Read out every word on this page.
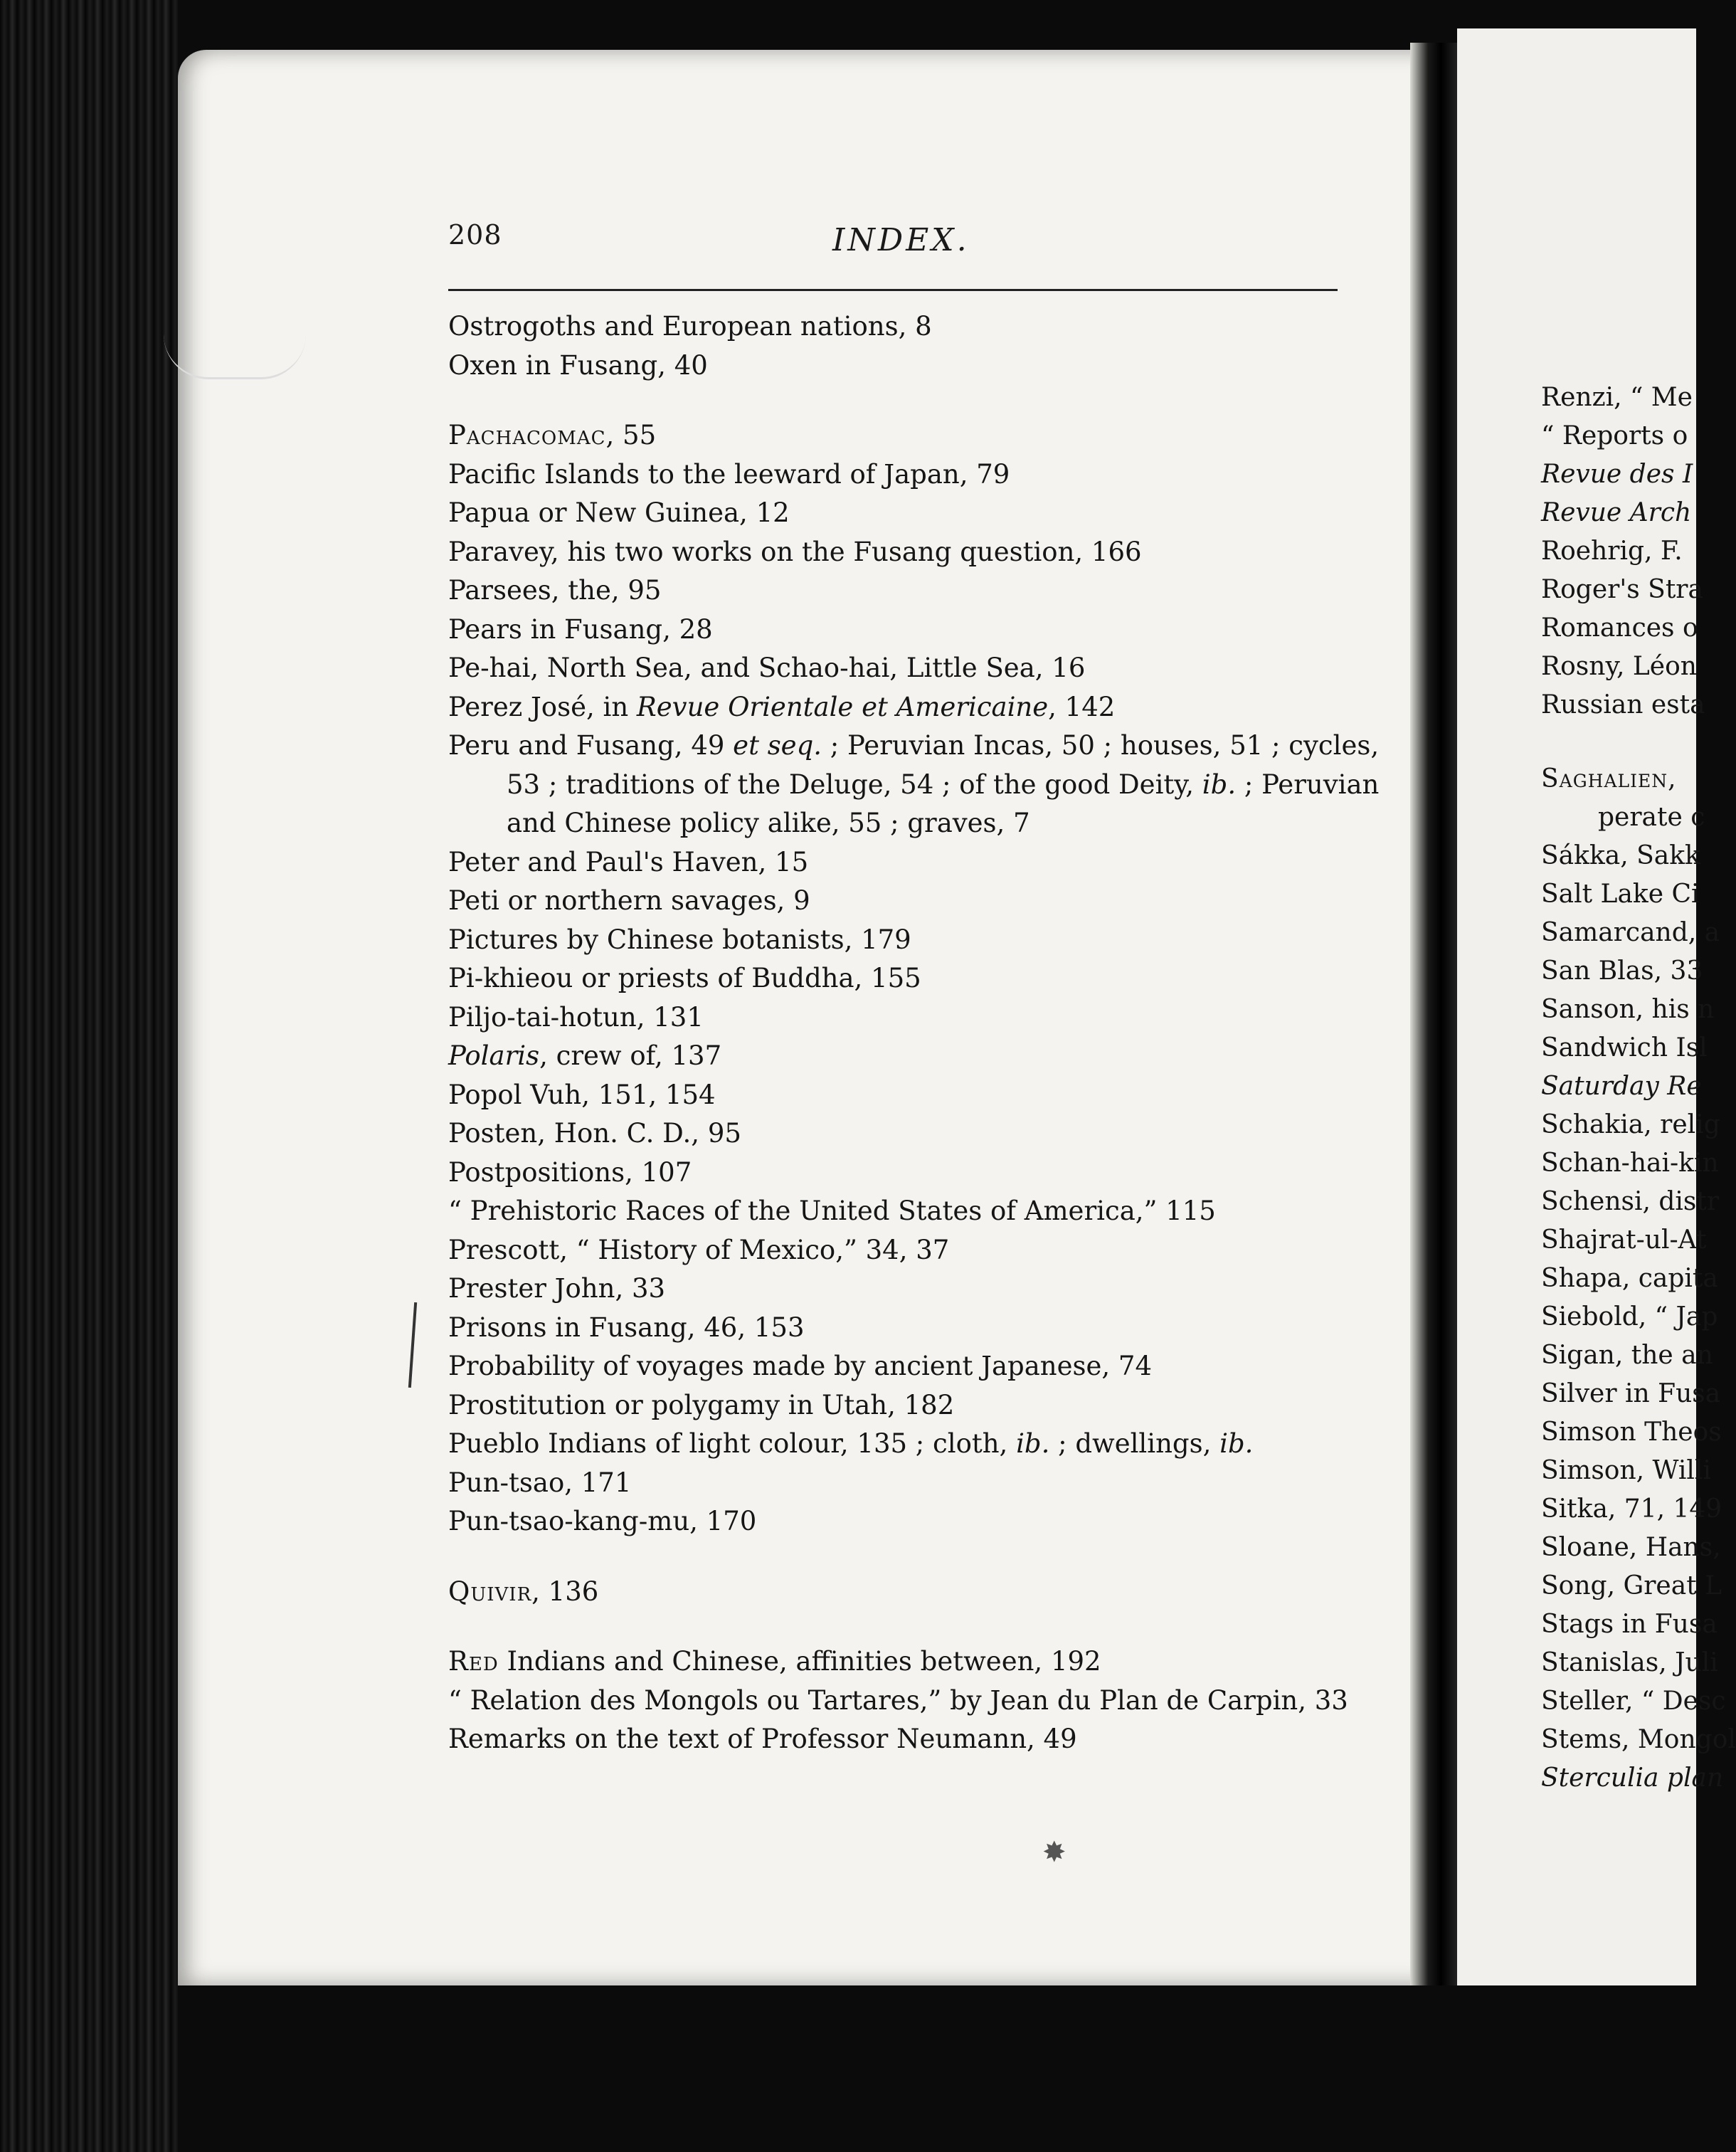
Renzi, “ Me
“ Reports o
Revue des I
Revue Arch
Roehrig, F.
Roger's Stra
Romances o
Rosny, Léon
Russian esta
Saghalien,
perate c
Sákka, Sakk
Salt Lake Ci
Samarcand, a
San Blas, 33
Sanson, his n
Sandwich Isl
Saturday Re
Schakia, relig
Schan-hai-kin
Schensi, distr
Shajrat-ul-At
Shapa, capita
Siebold, “ Jap
Sigan, the an
Silver in Fusa
Simson Theos
Simson, Willi
Sitka, 71, 149
Sloane, Hans,
Song, Great L
Stags in Fusa
Stanislas, Juli
Steller, “ Desc
Stems, Mongol
Sterculia plan
208	INDEX.
Ostrogoths and European nations, 8
Oxen in Fusang, 40
Pachacomac, 55
Pacific Islands to the leeward of Japan, 79
Papua or New Guinea, 12
Paravey, his two works on the Fusang question, 166
Parsees, the, 95
Pears in Fusang, 28
Pe-hai, North Sea, and Schao-hai, Little Sea, 16
Perez José, in Revue Orientale et Americaine, 142
Peru and Fusang, 49 et seq. ; Peruvian Incas, 50 ; houses, 51 ; cycles,
53 ; traditions of the Deluge, 54 ; of the good Deity, ib. ; Peruvian
and Chinese policy alike, 55 ; graves, 7
Peter and Paul's Haven, 15
Peti or northern savages, 9
Pictures by Chinese botanists, 179
Pi-khieou or priests of Buddha, 155
Piljo-tai-hotun, 131
Polaris, crew of, 137
Popol Vuh, 151, 154
Posten, Hon. C. D., 95
Postpositions, 107
“ Prehistoric Races of the United States of America,” 115
Prescott, “ History of Mexico,” 34, 37
Prester John, 33
Prisons in Fusang, 46, 153
Probability of voyages made by ancient Japanese, 74
Prostitution or polygamy in Utah, 182
Pueblo Indians of light colour, 135 ; cloth, ib. ; dwellings, ib.
Pun-tsao, 171
Pun-tsao-kang-mu, 170
Quivir, 136
Red Indians and Chinese, affinities between, 192
“ Relation des Mongols ou Tartares,” by Jean du Plan de Carpin, 33
Remarks on the text of Professor Neumann, 49
✸
